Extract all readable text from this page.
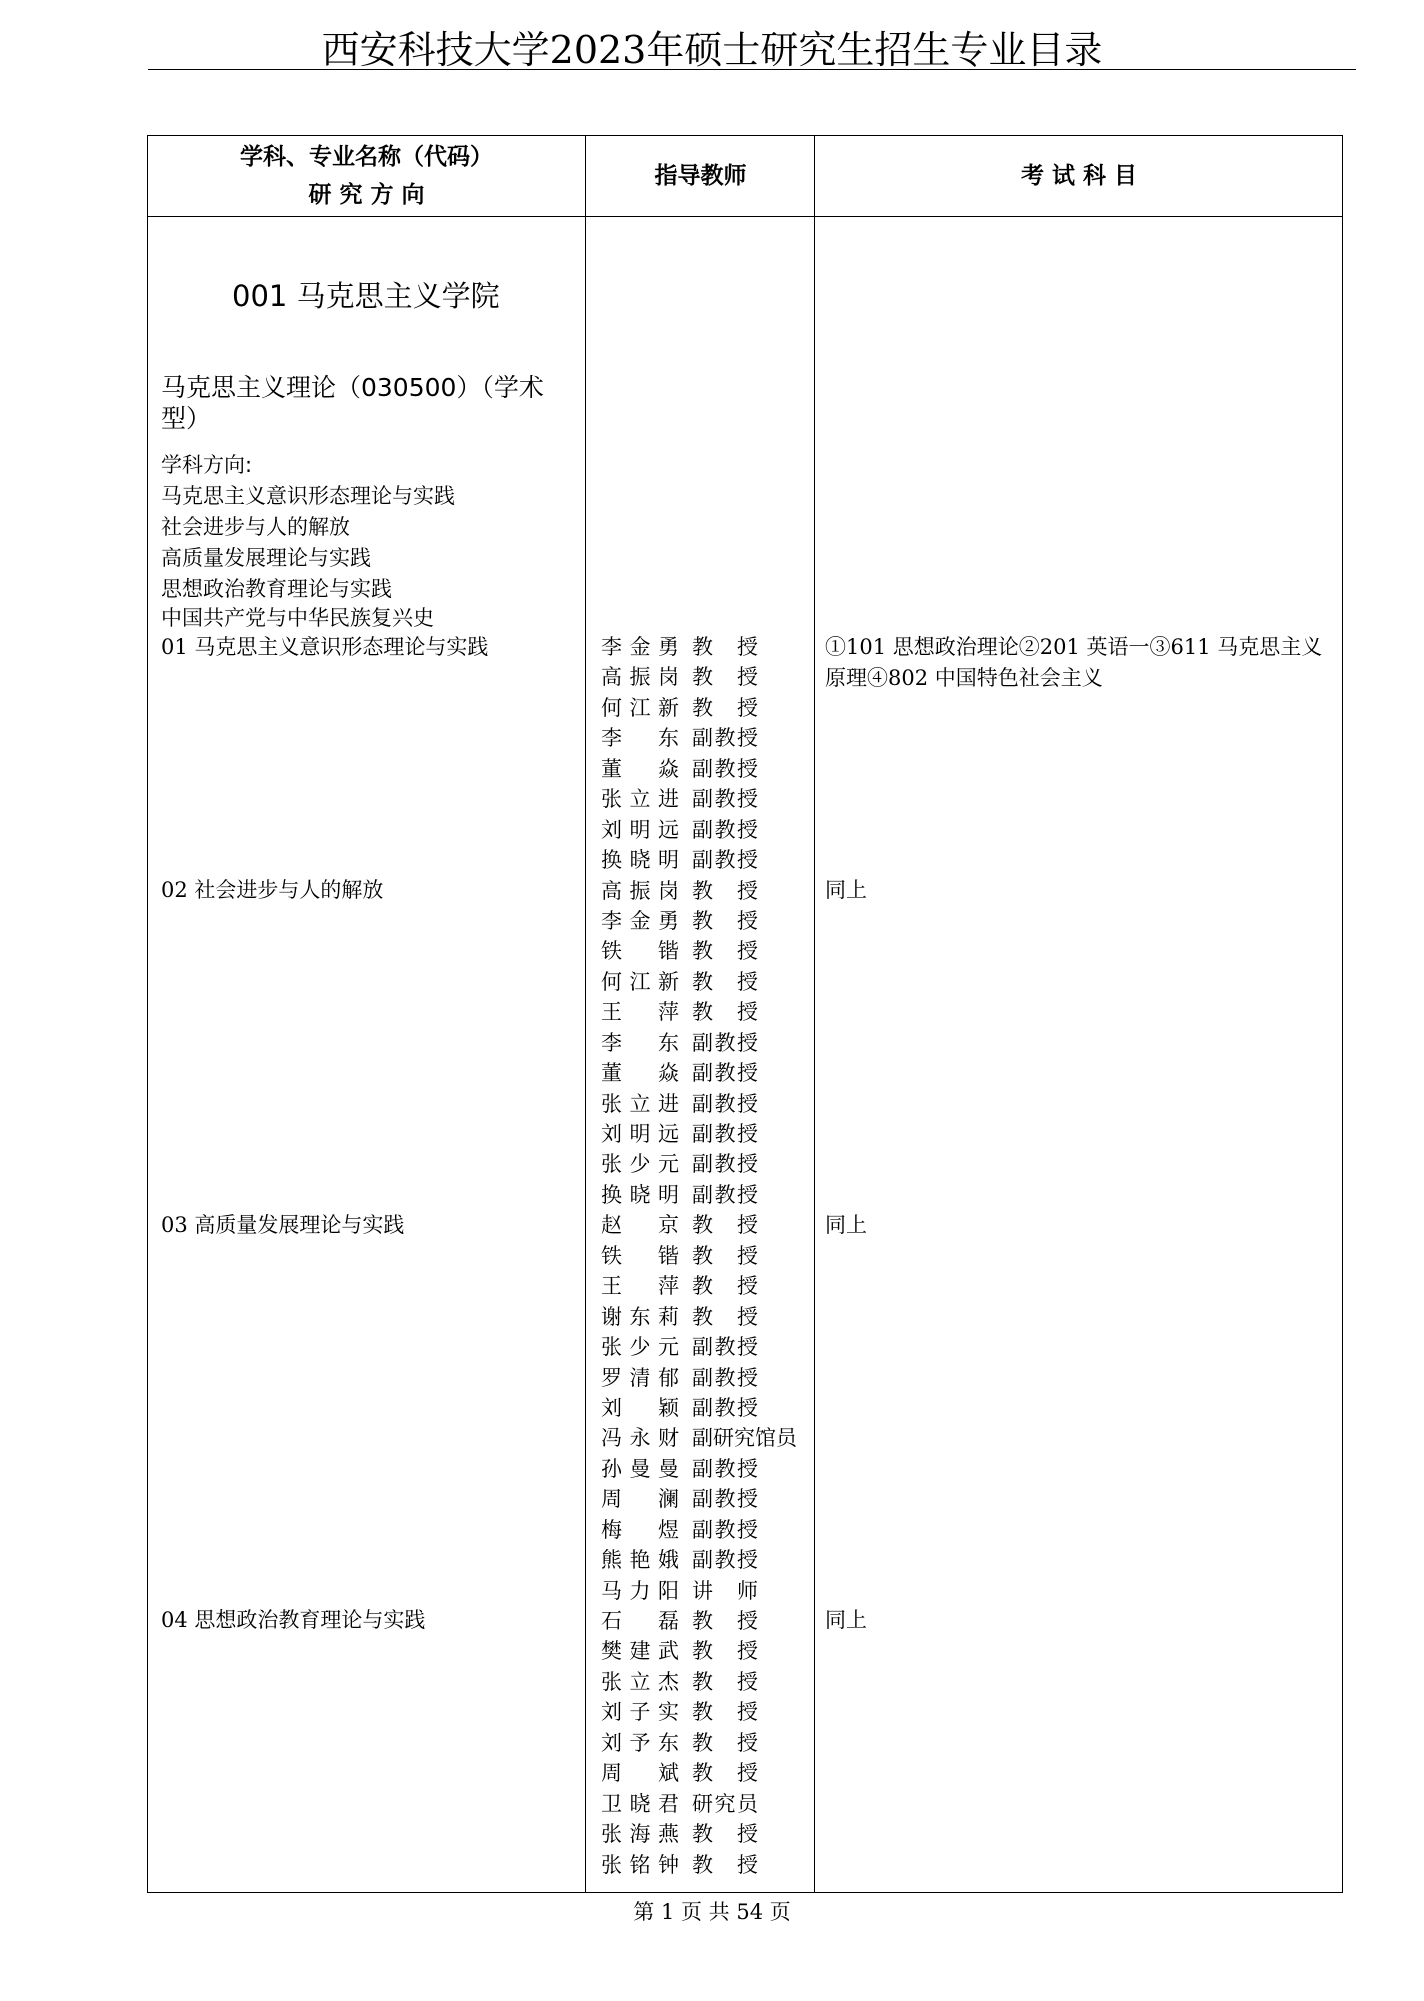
西安科技大学2023年硕士研究生招生专业目录
学科、专业名称（代码）
研 究 方 向
指导教师	考 试 科 目
001 马克思主义学院
马克思主义理论（030500）（学术型）
学科方向:
马克思主义意识形态理论与实践
社会进步与人的解放
高质量发展理论与实践
思想政治教育理论与实践
中国共产党与中华民族复兴史
01 马克思主义意识形态理论与实践
02 社会进步与人的解放
03 高质量发展理论与实践
04 思想政治教育理论与实践
①101 思想政治理论②201 英语一③611 马克思主义原理④802 中国特色社会主义
同上
同上
同上
李金勇 教授
高振岗 教授
何江新 教授
李东 副教授
董焱 副教授
张立进 副教授
刘明远 副教授
换晓明 副教授
高振岗 教授
李金勇 教授
铁锴 教授
何江新 教授
王萍 教授
李东 副教授
董焱 副教授
张立进 副教授
刘明远 副教授
张少元 副教授
换晓明 副教授
赵京 教授
铁锴 教授
王萍 教授
谢东莉 教授
张少元 副教授
罗清郁 副教授
刘颖 副教授
冯永财 副研究馆员
孙曼曼 副教授
周澜 副教授
梅煜 副教授
熊艳娥 副教授
马力阳 讲师
石磊 教授
樊建武 教授
张立杰 教授
刘子实 教授
刘予东 教授
周斌 教授
卫晓君 研究员
张海燕 教授
张铭钟 教授
第 1 页 共 54 页
